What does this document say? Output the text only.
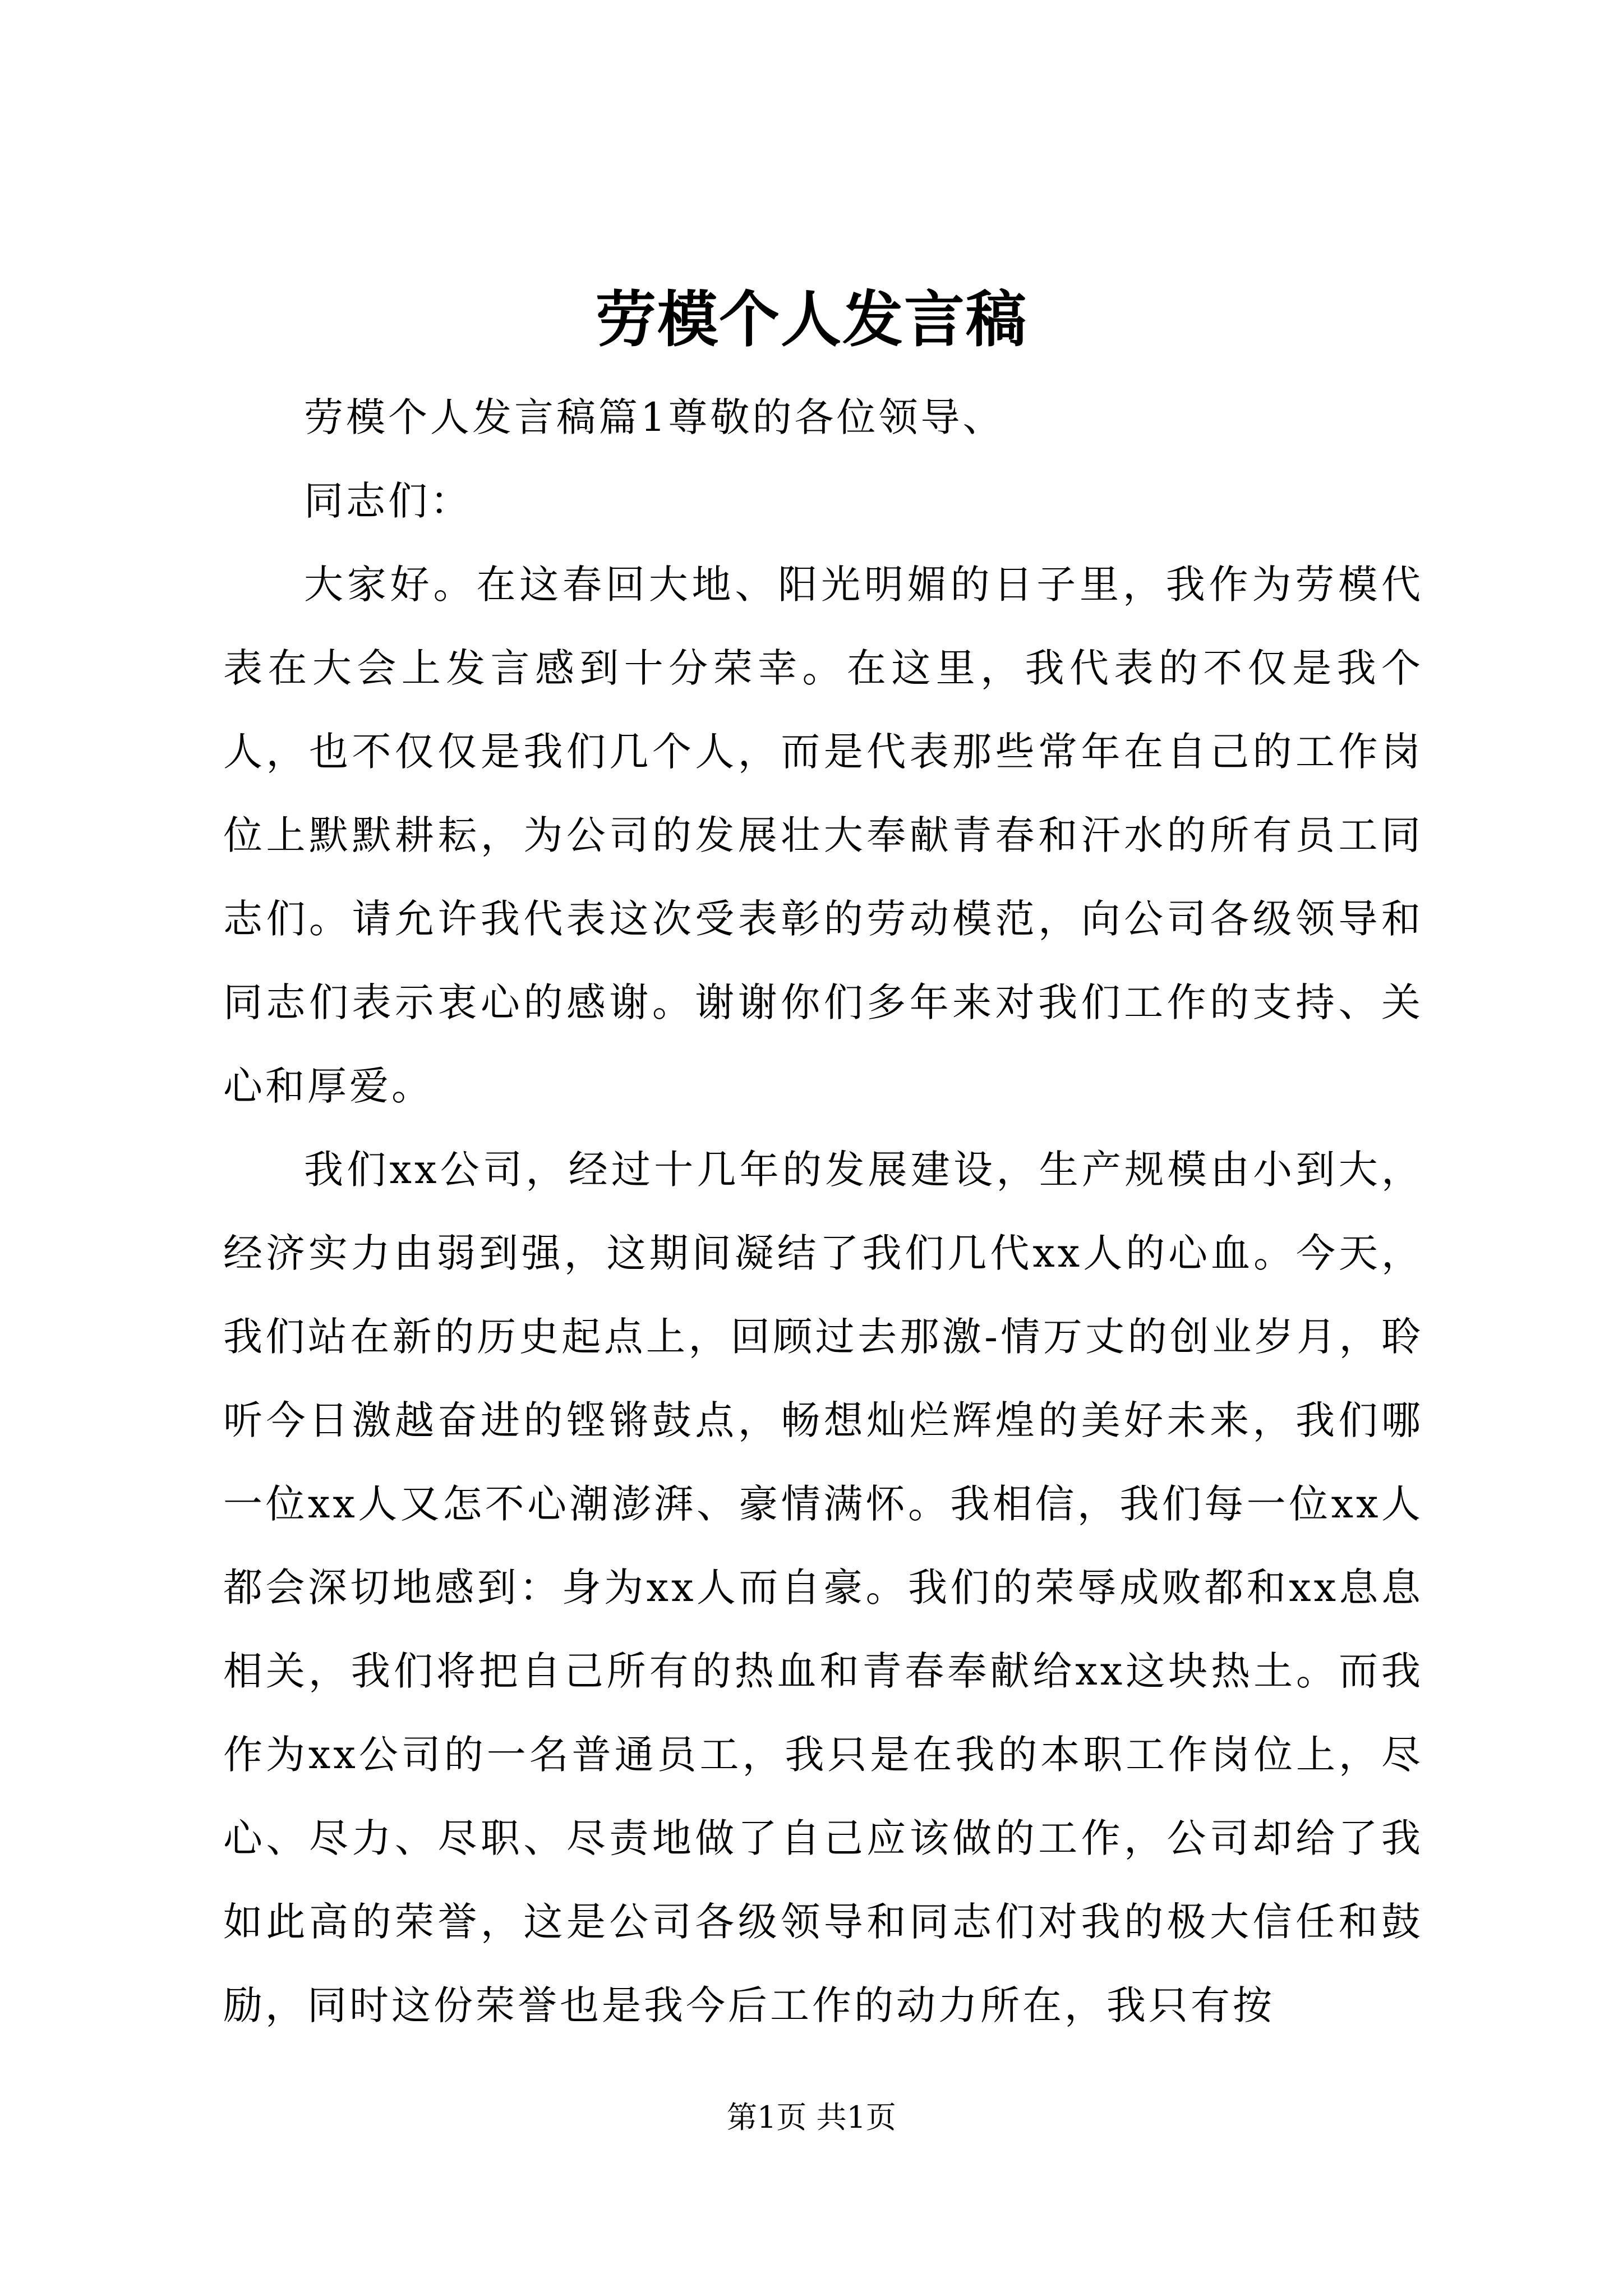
劳模个人发言稿

劳模个人发言稿篇1尊敬的各位领导、

同志们：

大家好。在这春回大地、阳光明媚的日子里，我作为劳模代表在大会上发言感到十分荣幸。在这里，我代表的不仅是我个人，也不仅仅是我们几个人，而是代表那些常年在自己的工作岗位上默默耕耘，为公司的发展壮大奉献青春和汗水的所有员工同志们。请允许我代表这次受表彰的劳动模范，向公司各级领导和同志们表示衷心的感谢。谢谢你们多年来对我们工作的支持、关心和厚爱。

我们xx公司，经过十几年的发展建设，生产规模由小到大，经济实力由弱到强，这期间凝结了我们几代xx人的心血。今天，我们站在新的历史起点上，回顾过去那激-情万丈的创业岁月，聆听今日激越奋进的铿锵鼓点，畅想灿烂辉煌的美好未来，我们哪一位xx人又怎不心潮澎湃、豪情满怀。我相信，我们每一位xx人都会深切地感到：身为xx人而自豪。我们的荣辱成败都和xx息息相关，我们将把自己所有的热血和青春奉献给xx这块热土。而我作为xx公司的一名普通员工，我只是在我的本职工作岗位上，尽心、尽力、尽职、尽责地做了自己应该做的工作，公司却给了我如此高的荣誉，这是公司各级领导和同志们对我的极大信任和鼓励，同时这份荣誉也是我今后工作的动力所在，我只有按

第1页 共1页
